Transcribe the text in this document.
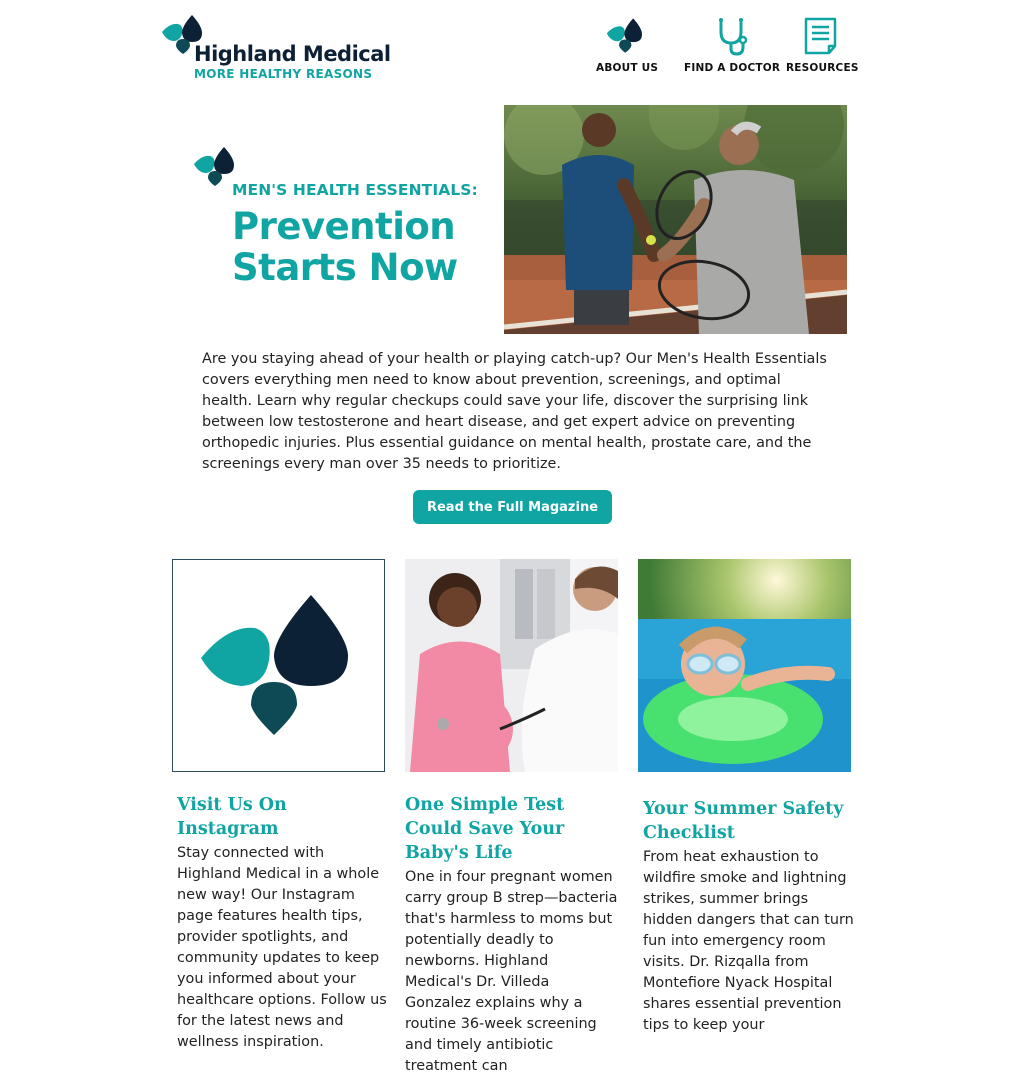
Highland Medical
MORE HEALTHY REASONS	ABOUT US FIND A DOCTOR RESOURCES
MEN'S HEALTH ESSENTIALS:
Prevention Starts Now

Are you staying ahead of your health or playing catch-up? Our Men's Health Essentials covers everything men need to know about prevention, screenings, and optimal health. Learn why regular checkups could save your life, discover the surprising link between low testosterone and heart disease, and get expert advice on preventing orthopedic injuries. Plus essential guidance on mental health, prostate care, and the screenings every man over 35 needs to prioritize.

Read the Full Magazine
Visit Us On Instagram

Stay connected with Highland Medical in a whole new way! Our Instagram page features health tips, provider spotlights, and community updates to keep you informed about your healthcare options. Follow us for the latest news and wellness inspiration.

One Simple Test Could Save Your Baby's Life

One in four pregnant women carry group B strep—bacteria that's harmless to moms but potentially deadly to newborns. Highland Medical's Dr. Villeda Gonzalez explains why a routine 36-week screening and timely antibiotic treatment can

Your Summer Safety Checklist

From heat exhaustion to wildfire smoke and lightning strikes, summer brings hidden dangers that can turn fun into emergency room visits. Dr. Rizqalla from Montefiore Nyack Hospital shares essential prevention tips to keep your
